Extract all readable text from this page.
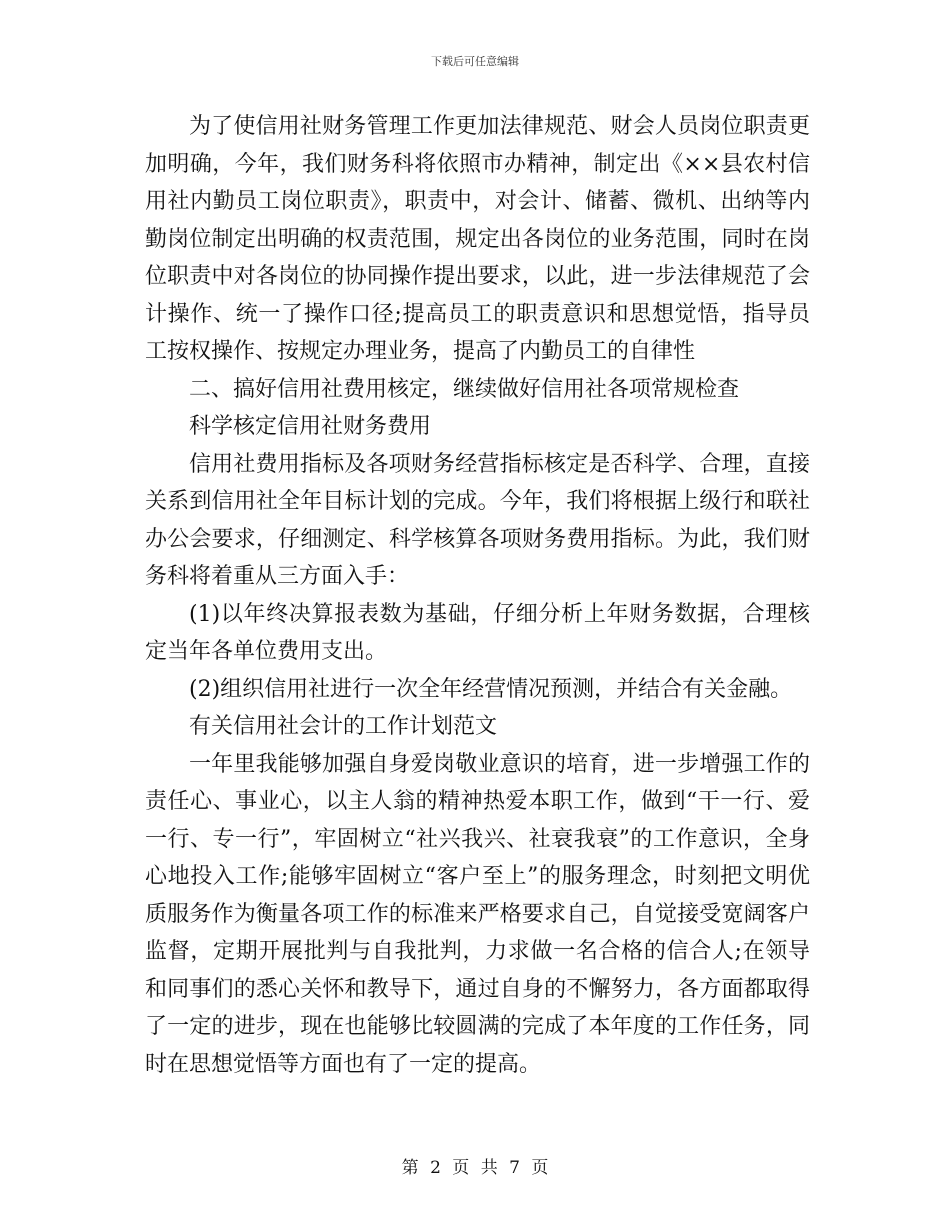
下载后可任意编辑

为了使信用社财务管理工作更加法律规范、财会人员岗位职责更加明确，今年，我们财务科将依照市办精神，制定出《××县农村信用社内勤员工岗位职责》，职责中，对会计、储蓄、微机、出纳等内勤岗位制定出明确的权责范围，规定出各岗位的业务范围，同时在岗位职责中对各岗位的协同操作提出要求，以此，进一步法律规范了会计操作、统一了操作口径;提高员工的职责意识和思想觉悟，指导员工按权操作、按规定办理业务，提高了内勤员工的自律性

二、搞好信用社费用核定，继续做好信用社各项常规检查

科学核定信用社财务费用

信用社费用指标及各项财务经营指标核定是否科学、合理，直接关系到信用社全年目标计划的完成。今年，我们将根据上级行和联社办公会要求，仔细测定、科学核算各项财务费用指标。为此，我们财务科将着重从三方面入手：

(1)以年终决算报表数为基础，仔细分析上年财务数据，合理核定当年各单位费用支出。

(2)组织信用社进行一次全年经营情况预测，并结合有关金融。

有关信用社会计的工作计划范文

一年里我能够加强自身爱岗敬业意识的培育，进一步增强工作的责任心、事业心，以主人翁的精神热爱本职工作，做到“干一行、爱一行、专一行”，牢固树立“社兴我兴、社衰我衰”的工作意识，全身心地投入工作;能够牢固树立“客户至上”的服务理念，时刻把文明优质服务作为衡量各项工作的标准来严格要求自己，自觉接受宽阔客户监督，定期开展批判与自我批判，力求做一名合格的信合人;在领导和同事们的悉心关怀和教导下，通过自身的不懈努力，各方面都取得了一定的进步，现在也能够比较圆满的完成了本年度的工作任务，同时在思想觉悟等方面也有了一定的提高。

第 2 页 共 7 页
